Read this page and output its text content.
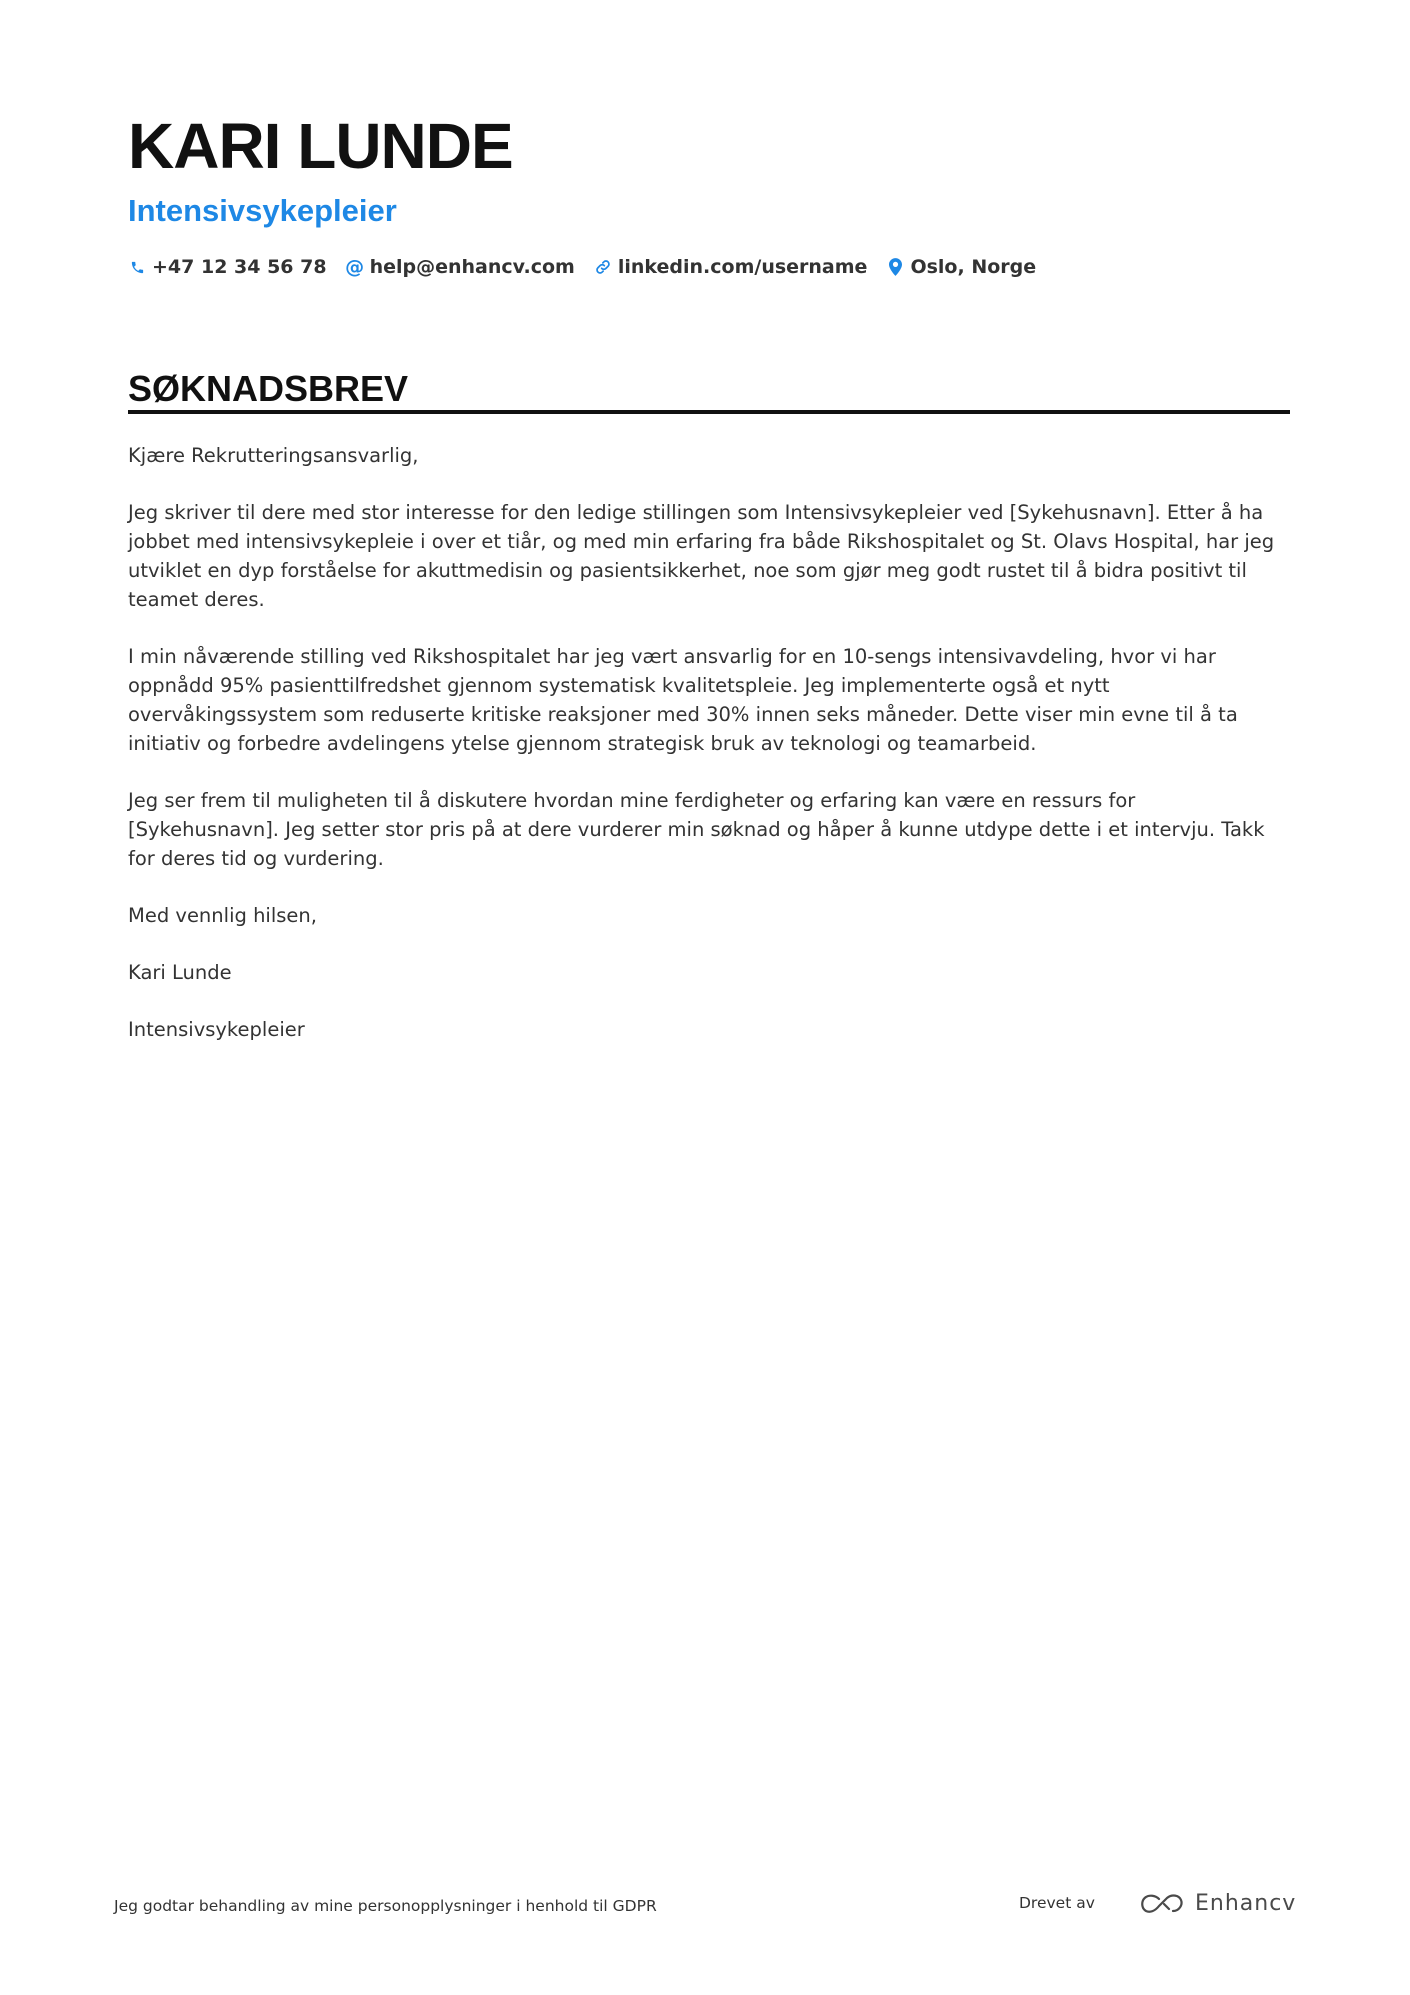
KARI LUNDE
Intensivsykepleier
+47 12 34 56 78 @ help@enhancv.com linkedin.com/username Oslo, Norge
SØKNADSBREV

Kjære Rekrutteringsansvarlig,

Jeg skriver til dere med stor interesse for den ledige stillingen som Intensivsykepleier ved [Sykehusnavn]. Etter å ha jobbet med intensivsykepleie i over et tiår, og med min erfaring fra både Rikshospitalet og St. Olavs Hospital, har jeg utviklet en dyp forståelse for akuttmedisin og pasientsikkerhet, noe som gjør meg godt rustet til å bidra positivt til teamet deres.

I min nåværende stilling ved Rikshospitalet har jeg vært ansvarlig for en 10-sengs intensivavdeling, hvor vi har oppnådd 95% pasienttilfredshet gjennom systematisk kvalitetspleie. Jeg implementerte også et nytt overvåkingssystem som reduserte kritiske reaksjoner med 30% innen seks måneder. Dette viser min evne til å ta initiativ og forbedre avdelingens ytelse gjennom strategisk bruk av teknologi og teamarbeid.

Jeg ser frem til muligheten til å diskutere hvordan mine ferdigheter og erfaring kan være en ressurs for [Sykehusnavn]. Jeg setter stor pris på at dere vurderer min søknad og håper å kunne utdype dette i et intervju. Takk for deres tid og vurdering.

Med vennlig hilsen,

Kari Lunde

Intensivsykepleier

Jeg godtar behandling av mine personopplysninger i henhold til GDPR	Drevet av	Enhancv
